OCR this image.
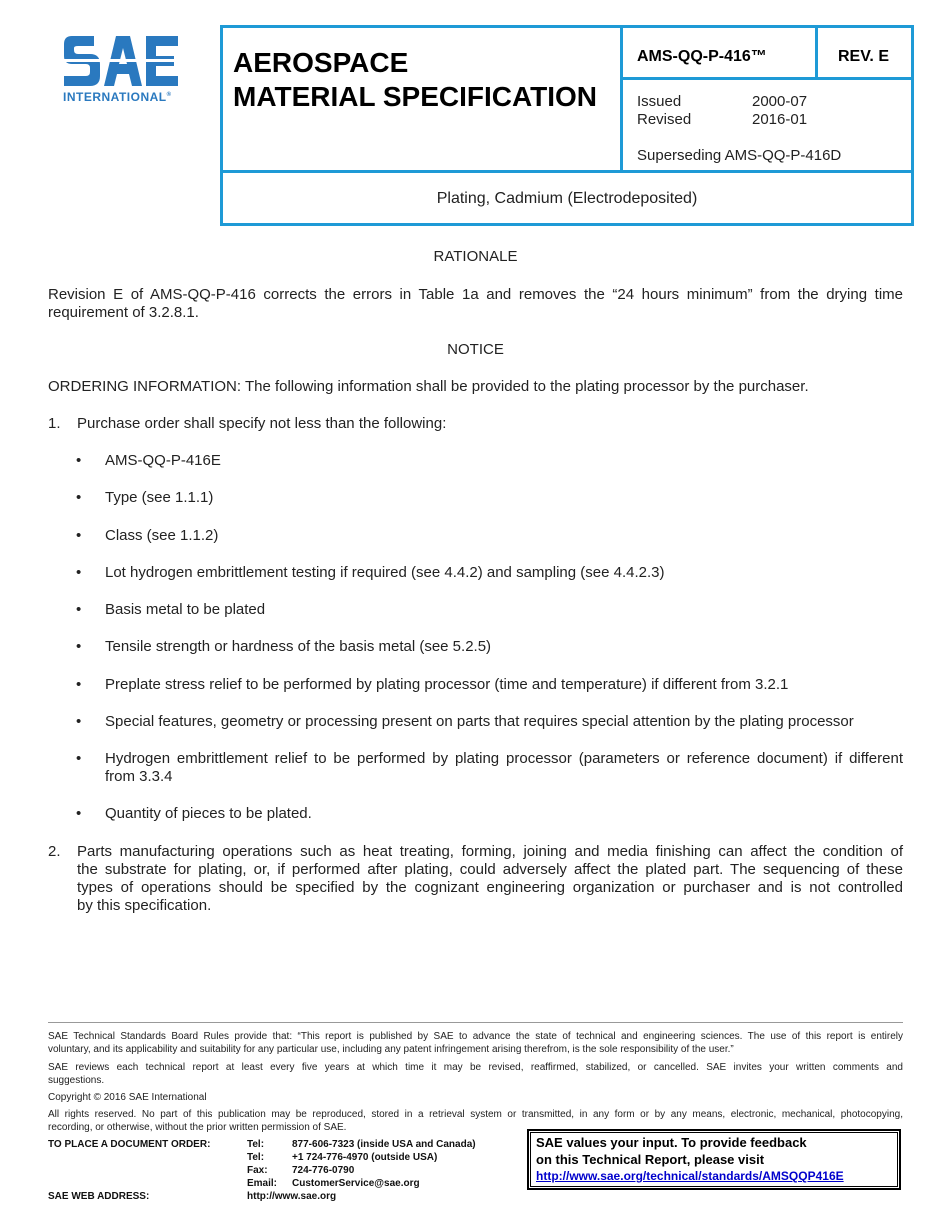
INTERNATIONAL®
AEROSPACE
MATERIAL SPECIFICATION
AMS-QQ-P-416™	REV. E
Issued	2000-07
Revised	2016-01
Superseding AMS-QQ-P-416D
Plating, Cadmium (Electrodeposited)
RATIONALE
Revision E of AMS-QQ-P-416 corrects the errors in Table 1a and removes the “24 hours minimum” from the drying time
requirement of 3.2.8.1.
NOTICE
ORDERING INFORMATION: The following information shall be provided to the plating processor by the purchaser.
1. Purchase order shall specify not less than the following:
• AMS-QQ-P-416E
• Type (see 1.1.1)
• Class (see 1.1.2)
• Lot hydrogen embrittlement testing if required (see 4.4.2) and sampling (see 4.4.2.3)
• Basis metal to be plated
• Tensile strength or hardness of the basis metal (see 5.2.5)
• Preplate stress relief to be performed by plating processor (time and temperature) if different from 3.2.1
• Special features, geometry or processing present on parts that requires special attention by the plating processor
• Hydrogen embrittlement relief to be performed by plating processor (parameters or reference document) if different
from 3.3.4
• Quantity of pieces to be plated.
2. Parts manufacturing operations such as heat treating, forming, joining and media finishing can affect the condition of
the substrate for plating, or, if performed after plating, could adversely affect the plated part. The sequencing of these
types of operations should be specified by the cognizant engineering organization or purchaser and is not controlled
by this specification.
SAE Technical Standards Board Rules provide that: “This report is published by SAE to advance the state of technical and engineering sciences. The use of this report is entirely
voluntary, and its applicability and suitability for any particular use, including any patent infringement arising therefrom, is the sole responsibility of the user.”
SAE reviews each technical report at least every five years at which time it may be revised, reaffirmed, stabilized, or cancelled. SAE invites your written comments and
suggestions.
Copyright © 2016 SAE International
All rights reserved. No part of this publication may be reproduced, stored in a retrieval system or transmitted, in any form or by any means, electronic, mechanical, photocopying,
recording, or otherwise, without the prior written permission of SAE.
TO PLACE A DOCUMENT ORDER:	Tel:	877-606-7323 (inside USA and Canada)
Tel:	+1 724-776-4970 (outside USA)
Fax: 724-776-0790
Email: CustomerService@sae.org
SAE WEB ADDRESS:	http://www.sae.org
SAE values your input. To provide feedback
on this Technical Report, please visit
http://www.sae.org/technical/standards/AMSQQP416E
